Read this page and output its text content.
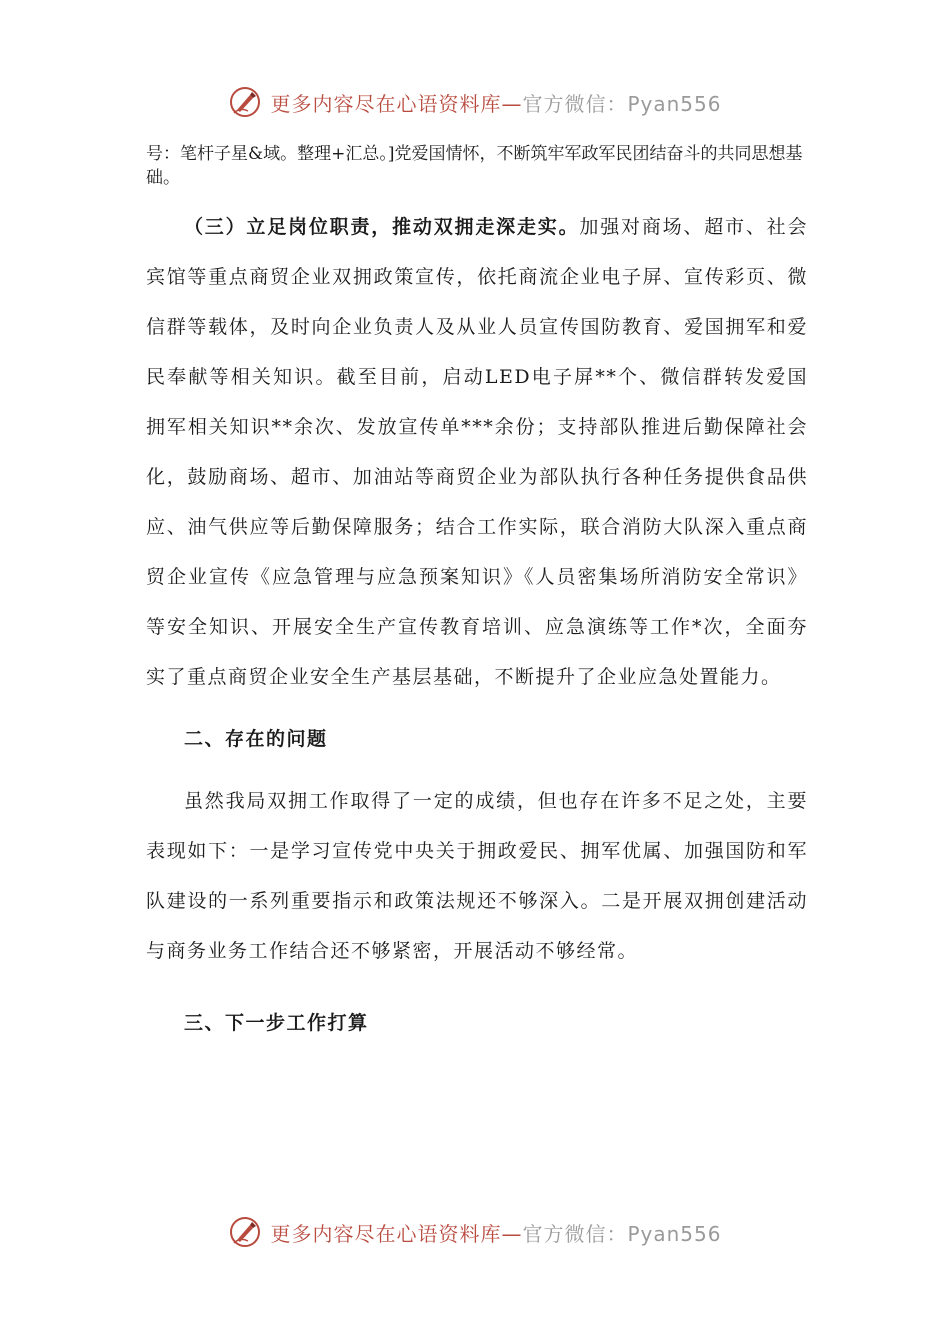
更多内容尽在心语资料库—官方微信：Pyan556

号：笔杆子星&域。整理+汇总。]党爱国情怀，不断筑牢军政军民团结奋斗的共同思想基础。

（三）立足岗位职责，推动双拥走深走实。加强对商场、超市、社会宾馆等重点商贸企业双拥政策宣传，依托商流企业电子屏、宣传彩页、微信群等载体，及时向企业负责人及从业人员宣传国防教育、爱国拥军和爱民奉献等相关知识。截至目前，启动LED电子屏**个、微信群转发爱国拥军相关知识**余次、发放宣传单***余份；支持部队推进后勤保障社会化，鼓励商场、超市、加油站等商贸企业为部队执行各种任务提供食品供应、油气供应等后勤保障服务；结合工作实际，联合消防大队深入重点商贸企业宣传《应急管理与应急预案知识》《人员密集场所消防安全常识》等安全知识、开展安全生产宣传教育培训、应急演练等工作*次，全面夯实了重点商贸企业安全生产基层基础，不断提升了企业应急处置能力。

二、存在的问题

虽然我局双拥工作取得了一定的成绩，但也存在许多不足之处，主要表现如下：一是学习宣传党中央关于拥政爱民、拥军优属、加强国防和军队建设的一系列重要指示和政策法规还不够深入。二是开展双拥创建活动与商务业务工作结合还不够紧密，开展活动不够经常。

三、下一步工作打算

更多内容尽在心语资料库—官方微信：Pyan556
